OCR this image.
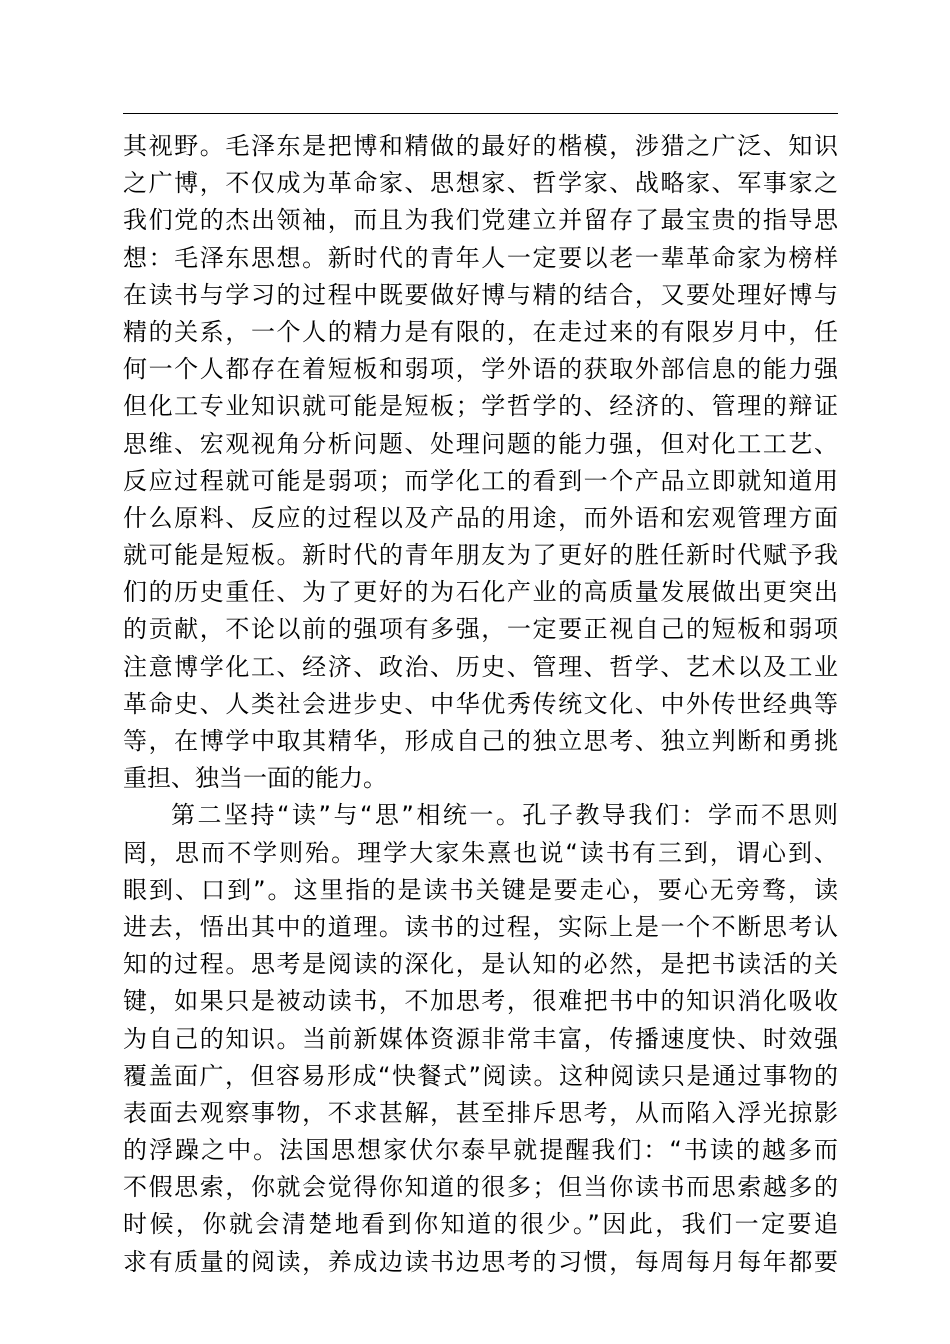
其视野。毛泽东是把博和精做的最好的楷模，涉猎之广泛、知识
之广博，不仅成为革命家、思想家、哲学家、战略家、军事家之
我们党的杰出领袖，而且为我们党建立并留存了最宝贵的指导思
想：毛泽东思想。新时代的青年人一定要以老一辈革命家为榜样
在读书与学习的过程中既要做好博与精的结合，又要处理好博与
精的关系，一个人的精力是有限的，在走过来的有限岁月中，任
何一个人都存在着短板和弱项，学外语的获取外部信息的能力强
但化工专业知识就可能是短板；学哲学的、经济的、管理的辩证
思维、宏观视角分析问题、处理问题的能力强，但对化工工艺、
反应过程就可能是弱项；而学化工的看到一个产品立即就知道用
什么原料、反应的过程以及产品的用途，而外语和宏观管理方面
就可能是短板。新时代的青年朋友为了更好的胜任新时代赋予我
们的历史重任、为了更好的为石化产业的高质量发展做出更突出
的贡献，不论以前的强项有多强，一定要正视自己的短板和弱项
注意博学化工、经济、政治、历史、管理、哲学、艺术以及工业
革命史、人类社会进步史、中华优秀传统文化、中外传世经典等
等，在博学中取其精华，形成自己的独立思考、独立判断和勇挑
重担、独当一面的能力。
第二坚持“读”与“思”相统一。孔子教导我们：学而不思则
罔，思而不学则殆。理学大家朱熹也说“读书有三到，谓心到、
眼到、口到”。这里指的是读书关键是要走心，要心无旁骛，读
进去，悟出其中的道理。读书的过程，实际上是一个不断思考认
知的过程。思考是阅读的深化，是认知的必然，是把书读活的关
键，如果只是被动读书，不加思考，很难把书中的知识消化吸收
为自己的知识。当前新媒体资源非常丰富，传播速度快、时效强
覆盖面广，但容易形成“快餐式”阅读。这种阅读只是通过事物的
表面去观察事物，不求甚解，甚至排斥思考，从而陷入浮光掠影
的浮躁之中。法国思想家伏尔泰早就提醒我们：“书读的越多而
不假思索，你就会觉得你知道的很多；但当你读书而思索越多的
时候，你就会清楚地看到你知道的很少。”因此，我们一定要追
求有质量的阅读，养成边读书边思考的习惯，每周每月每年都要
